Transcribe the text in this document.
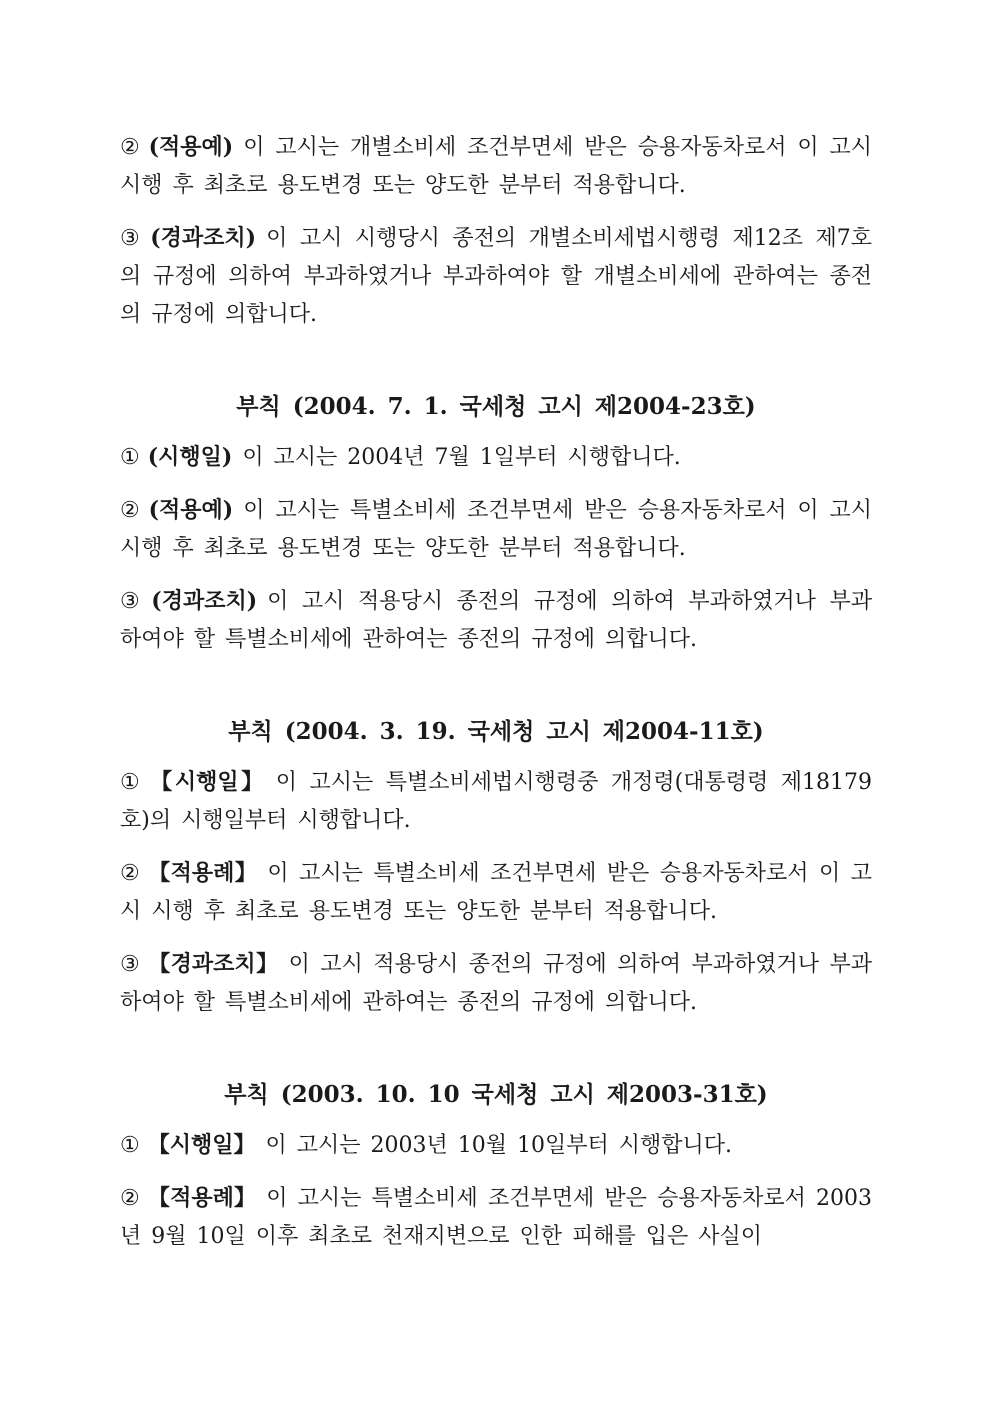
② (적용예) 이 고시는 개별소비세 조건부면세 받은 승용자동차로서 이 고시 시행 후 최초로 용도변경 또는 양도한 분부터 적용합니다.

③ (경과조치) 이 고시 시행당시 종전의 개별소비세법시행령 제12조 제7호의 규정에 의하여 부과하였거나 부과하여야 할 개별소비세에 관하여는 종전의 규정에 의합니다.

부칙 (2004. 7. 1. 국세청 고시 제2004-23호)

① (시행일) 이 고시는 2004년 7월 1일부터 시행합니다.

② (적용예) 이 고시는 특별소비세 조건부면세 받은 승용자동차로서 이 고시 시행 후 최초로 용도변경 또는 양도한 분부터 적용합니다.

③ (경과조치) 이 고시 적용당시 종전의 규정에 의하여 부과하였거나 부과 하여야 할 특별소비세에 관하여는 종전의 규정에 의합니다.

부칙 (2004. 3. 19. 국세청 고시 제2004-11호)

① 【시행일】 이 고시는 특별소비세법시행령중 개정령(대통령령 제18179호)의 시행일부터 시행합니다.

② 【적용례】 이 고시는 특별소비세 조건부면세 받은 승용자동차로서 이 고시 시행 후 최초로 용도변경 또는 양도한 분부터 적용합니다.

③ 【경과조치】 이 고시 적용당시 종전의 규정에 의하여 부과하였거나 부과하여야 할 특별소비세에 관하여는 종전의 규정에 의합니다.

부칙 (2003. 10. 10 국세청 고시 제2003-31호)

① 【시행일】 이 고시는 2003년 10월 10일부터 시행합니다.

② 【적용례】 이 고시는 특별소비세 조건부면세 받은 승용자동차로서 2003년 9월 10일 이후 최초로 천재지변으로 인한 피해를 입은 사실이
